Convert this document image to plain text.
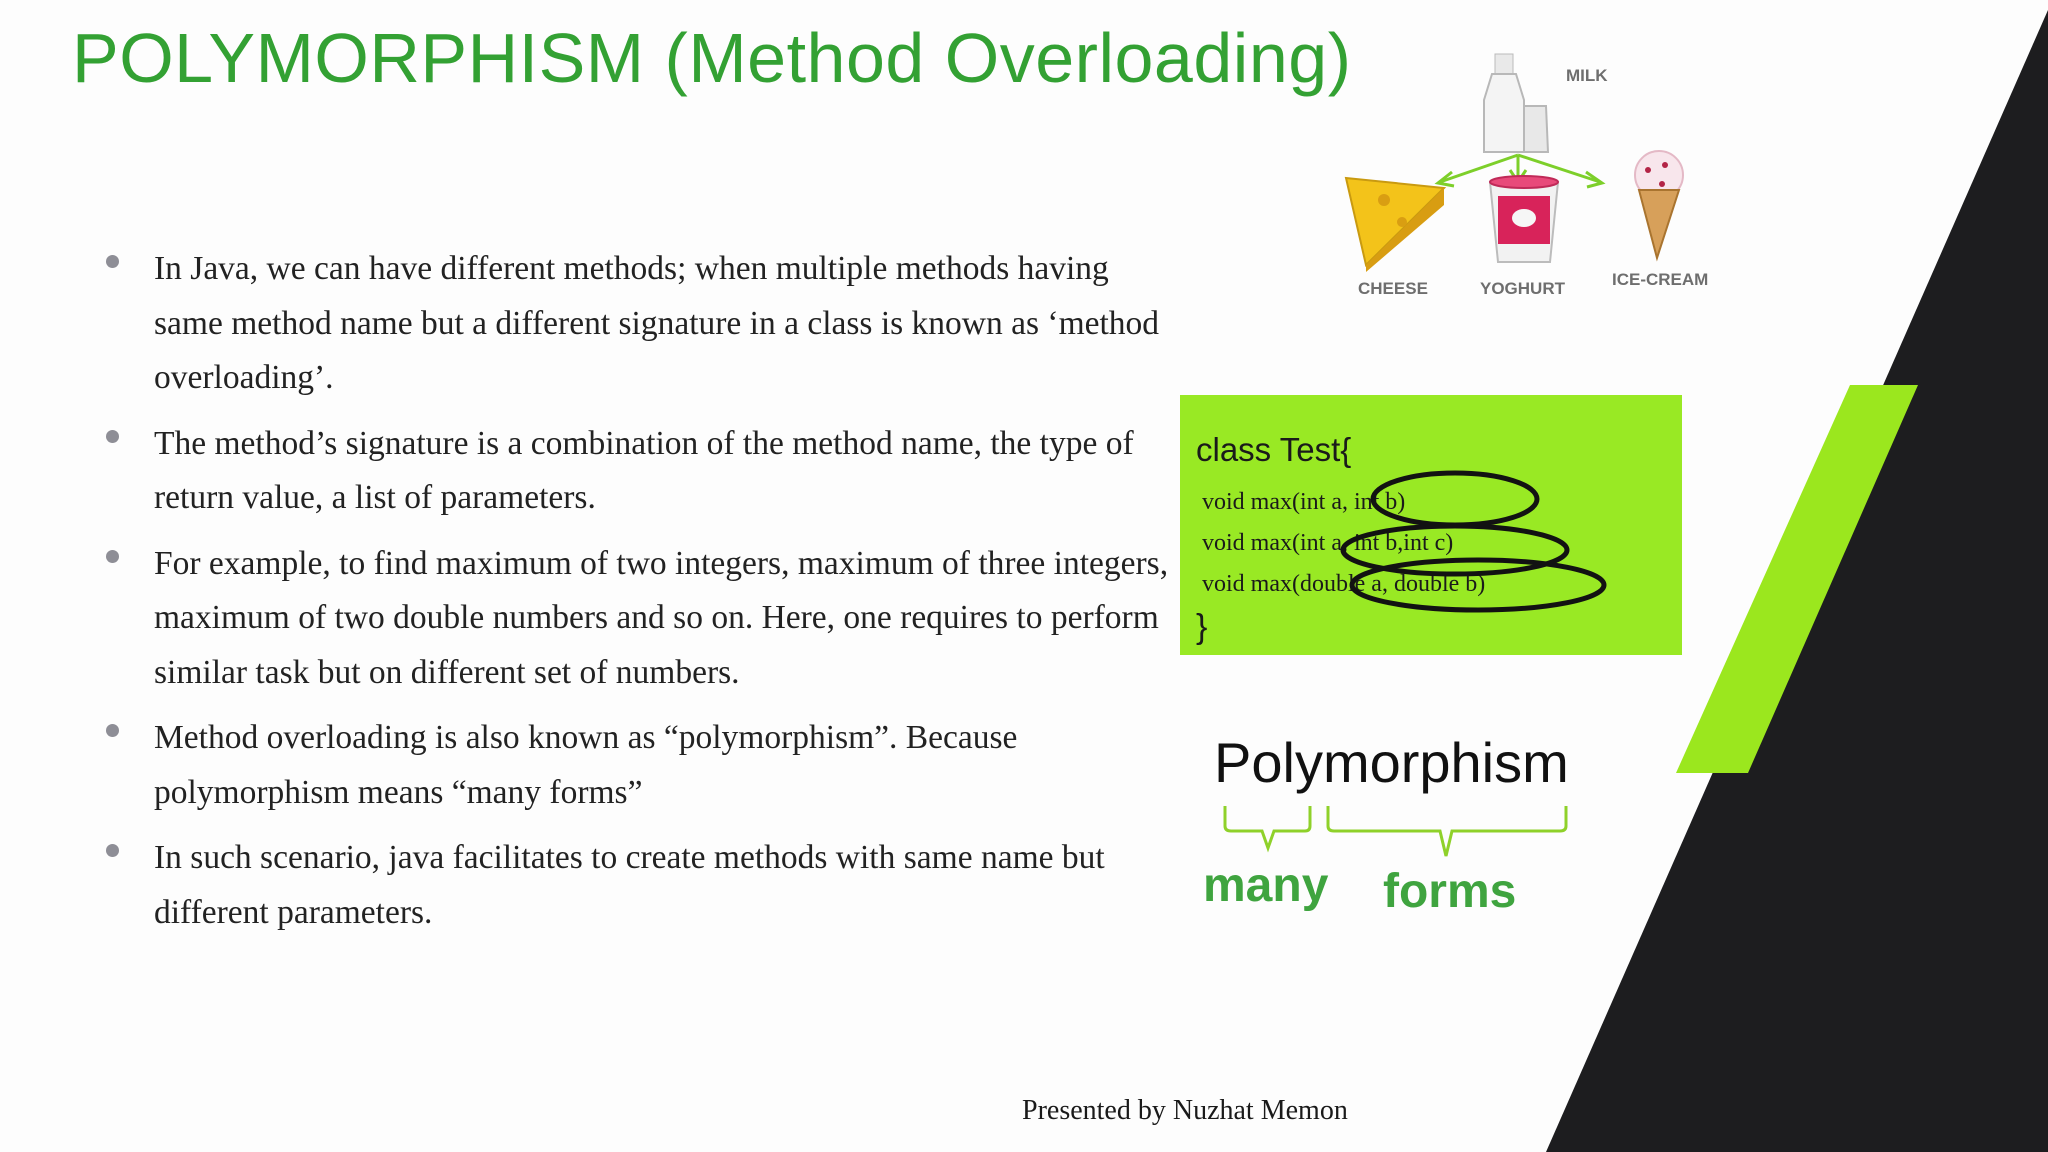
POLYMORPHISM (Method Overloading)
In Java, we can have different methods; when multiple methods having same method name but a different signature in a class is known as ‘method overloading’.
The method’s signature is a combination of the method name, the type of return value, a list of parameters.
For example, to find maximum of two integers, maximum of three integers, maximum of two double numbers and so on. Here, one requires to perform similar task but on different set of numbers.
Method overloading is also known as “polymorphism”. Because polymorphism means “many forms”
In such scenario, java facilitates to create methods with same name but different parameters.
MILK
CHEESE	YOGHURT	ICE-CREAM
class Test{
void max(int a, int b)
void max(int a, int b,int c)
void max(double a, double b)
}
Polymorphism
many forms
Presented by Nuzhat Memon
